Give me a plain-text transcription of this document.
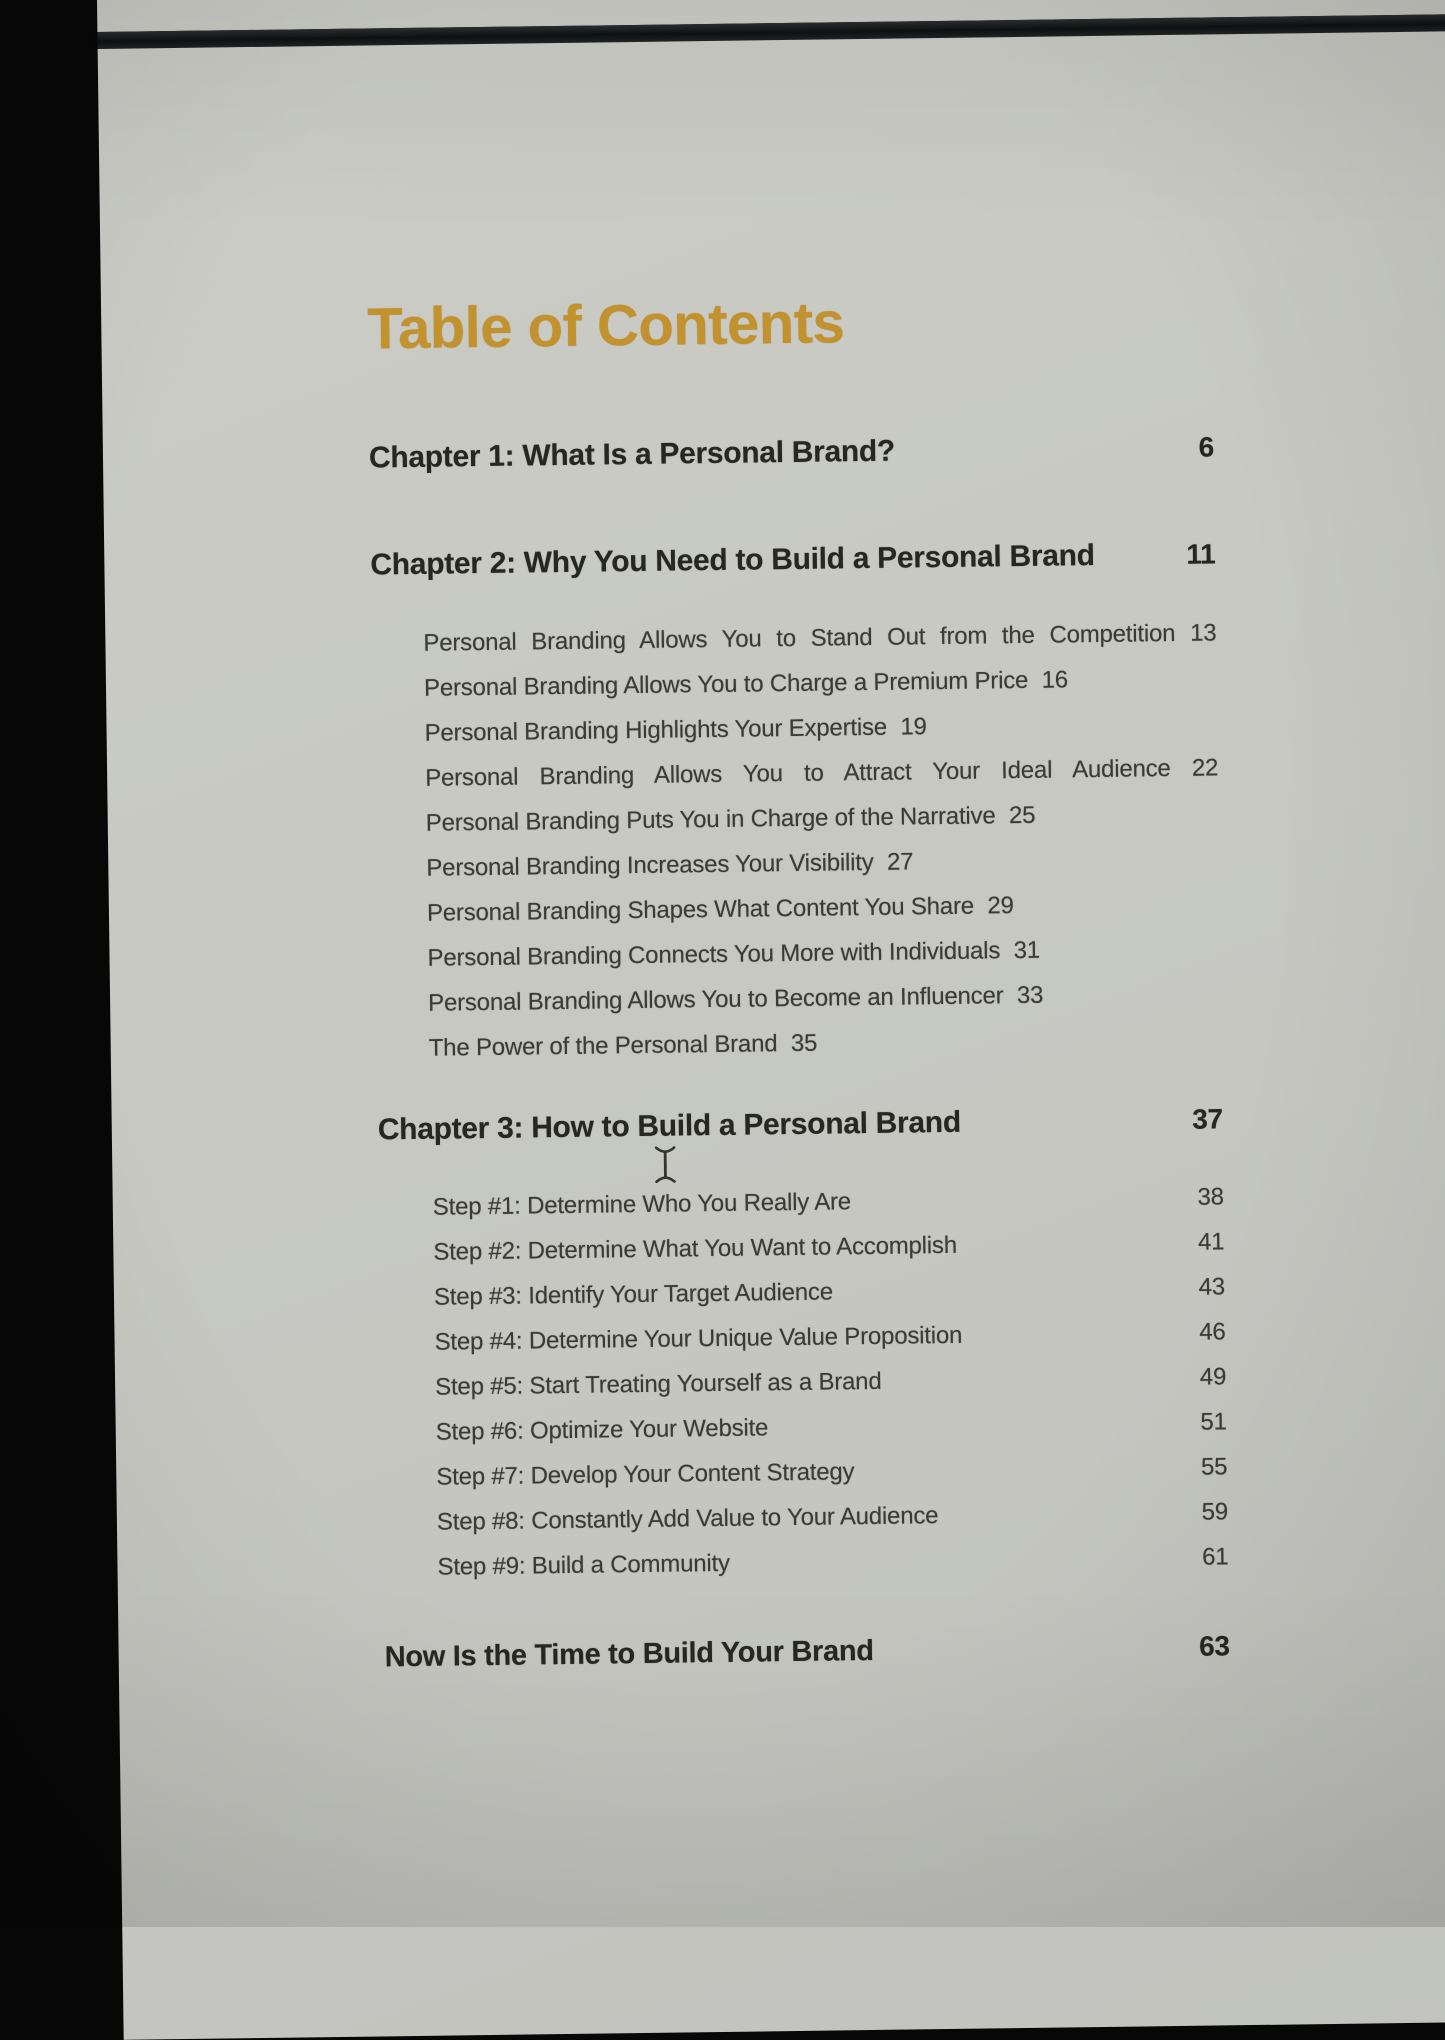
Table of Contents
Chapter 1: What Is a Personal Brand?	6
Chapter 2: Why You Need to Build a Personal Brand	11
Personal Branding Allows You to Stand Out from the Competition 13
Personal Branding Allows You to Charge a Premium Price 16
Personal Branding Highlights Your Expertise 19
Personal Branding Allows You to Attract Your Ideal Audience 22
Personal Branding Puts You in Charge of the Narrative 25
Personal Branding Increases Your Visibility 27
Personal Branding Shapes What Content You Share 29
Personal Branding Connects You More with Individuals 31
Personal Branding Allows You to Become an Influencer 33
The Power of the Personal Brand 35
Chapter 3: How to Build a Personal Brand	37
Step #1: Determine Who You Really Are	38
Step #2: Determine What You Want to Accomplish	41
Step #3: Identify Your Target Audience	43
Step #4: Determine Your Unique Value Proposition	46
Step #5: Start Treating Yourself as a Brand	49
Step #6: Optimize Your Website	51
Step #7: Develop Your Content Strategy	55
Step #8: Constantly Add Value to Your Audience	59
Step #9: Build a Community	61
Now Is the Time to Build Your Brand	63
